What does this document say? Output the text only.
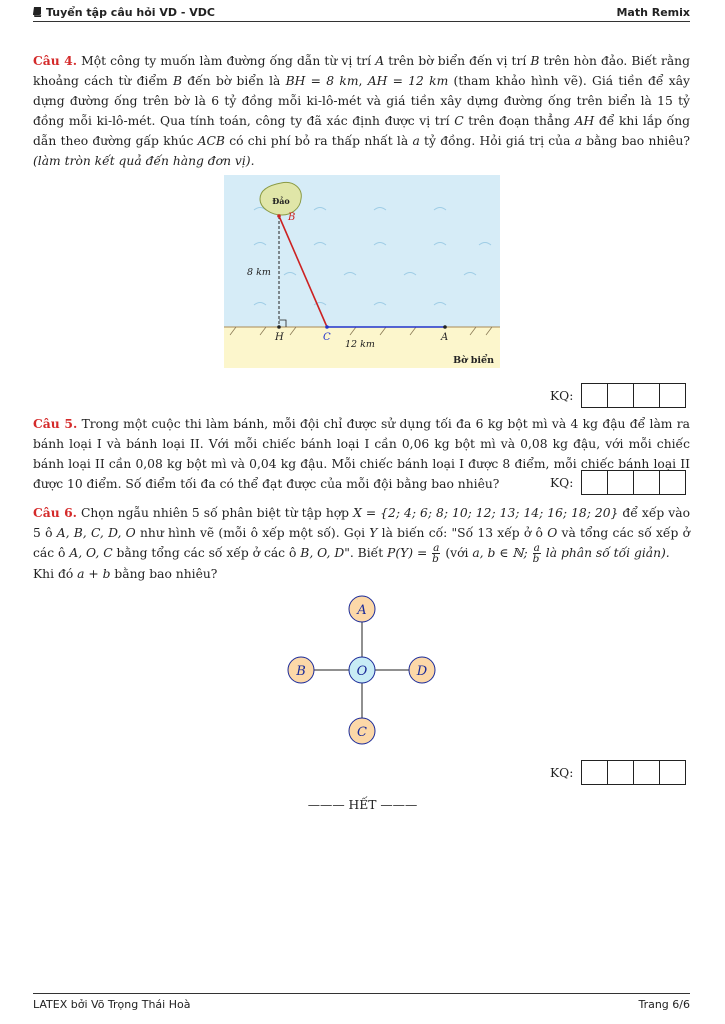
Tuyển tập câu hỏi VD - VDC	Math Remix
Câu 4. Một công ty muốn làm đường ống dẫn từ vị trí A trên bờ biển đến vị trí B trên hòn đảo. Biết rằng khoảng cách từ điểm B đến bờ biển là BH = 8 km, AH = 12 km (tham khảo hình vẽ). Giá tiền để xây dựng đường ống trên bờ là 6 tỷ đồng mỗi ki-lô-mét và giá tiền xây dựng đường ống trên biển là 15 tỷ đồng mỗi ki-lô-mét. Qua tính toán, công ty đã xác định được vị trí C trên đoạn thẳng AH để khi lắp ống dẫn theo đường gấp khúc ACB có chi phí bỏ ra thấp nhất là a tỷ đồng. Hỏi giá trị của a bằng bao nhiêu? (làm tròn kết quả đến hàng đơn vị).
Đảo
B
H	C	A
8 km
12 km
Bờ biển
KQ:
Câu 5. Trong một cuộc thi làm bánh, mỗi đội chỉ được sử dụng tối đa 6 kg bột mì và 4 kg đậu để làm ra bánh loại I và bánh loại II. Với mỗi chiếc bánh loại I cần 0,06 kg bột mì và 0,08 kg đậu, với mỗi chiếc bánh loại II cần 0,08 kg bột mì và 0,04 kg đậu. Mỗi chiếc bánh loại I được 8 điểm, mỗi chiếc bánh loại II được 10 điểm. Số điểm tối đa có thể đạt được của mỗi đội bằng bao nhiêu?	KQ:
Câu 6. Chọn ngẫu nhiên 5 số phân biệt từ tập hợp X = {2; 4; 6; 8; 10; 12; 13; 14; 16; 18; 20} để xếp vào 5 ô A, B, C, D, O như hình vẽ (mỗi ô xếp một số). Gọi Y là biến cố: "Số 13 xếp ở ô O và tổng các số xếp ở các ô A, O, C bằng tổng các số xếp ở các ô B, O, D". Biết $P(Y) = \frac{a}{b}$ (với a, b ∈ ℕ; $\frac{a}{b}$ là phân số tối giản).
Khi đó a + b bằng bao nhiêu?
A
B	O	D
C
KQ:
——— HẾT ———
LATEX bởi Võ Trọng Thái Hoà	Trang 6/6
